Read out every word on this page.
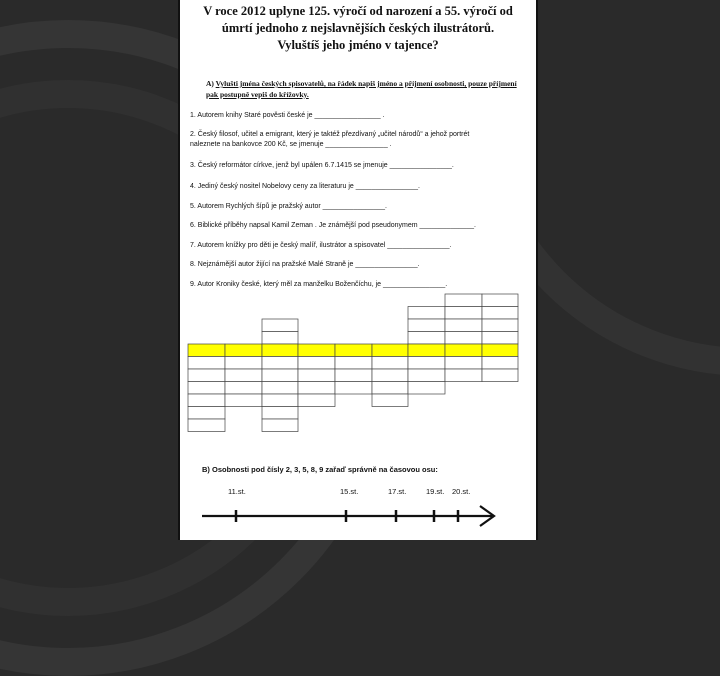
V roce 2012 uplyne 125. výročí od narození a 55. výročí od
úmrtí jednoho z nejslavnějších českých ilustrátorů.
Vyluštíš jeho jméno v tajence?
A) Vylušti jména českých spisovatelů, na řádek napiš jméno a příjmení osobnosti, pouze příjmení pak postupně vepiš do křížovky.
1. Autorem knihy Staré pověsti české je _________________ .
2. Český filosof, učitel a emigrant, který je taktéž přezdívaný „učitel národů“ a jehož portrét
naleznete na bankovce 200 Kč, se jmenuje ________________ .
3. Český reformátor církve, jenž byl upálen 6.7.1415 se jmenuje ________________.
4. Jediný český nositel Nobelovy ceny za literaturu je ________________.
5. Autorem Rychlých šípů je pražský autor ________________.
6. Biblické příběhy napsal Kamil Zeman . Je známější pod pseudonymem ______________.
7. Autorem knížky pro děti je český malíř, ilustrátor a spisovatel ________________.
8. Nejznámější autor žijící na pražské Malé Straně je ________________.
9. Autor Kroniky české, který měl za manželku Boženčíchu, je ________________.
B) Osobnosti pod čísly 2, 3, 5, 8, 9 zařaď správně na časovou osu:
11.st.	15.st.	17.st.	19.st. 20.st.
